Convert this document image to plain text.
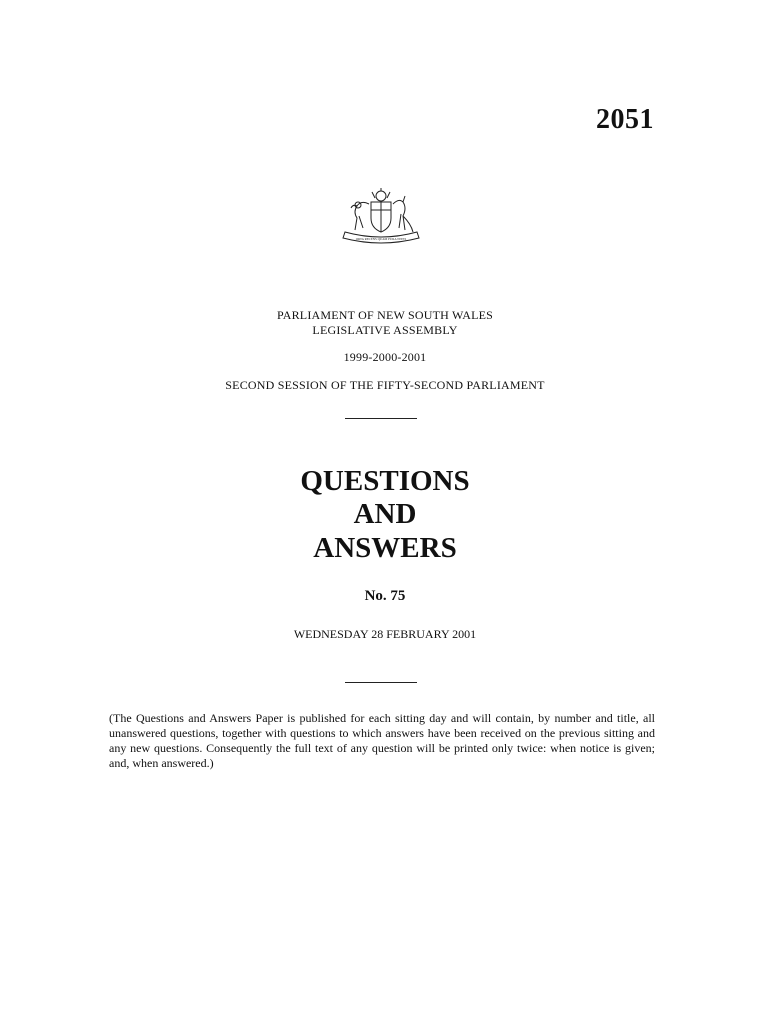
2051
ORTA RECENS QUAM PURA NITES
PARLIAMENT OF NEW SOUTH WALES
LEGISLATIVE ASSEMBLY
1999-2000-2001
SECOND SESSION OF THE FIFTY-SECOND PARLIAMENT
QUESTIONS
AND
ANSWERS
No. 75
WEDNESDAY 28 FEBRUARY 2001
(The Questions and Answers Paper is published for each sitting day and will contain, by number and title, all unanswered questions, together with questions to which answers have been received on the previous sitting and any new questions. Consequently the full text of any question will be printed only twice: when notice is given; and, when answered.)
